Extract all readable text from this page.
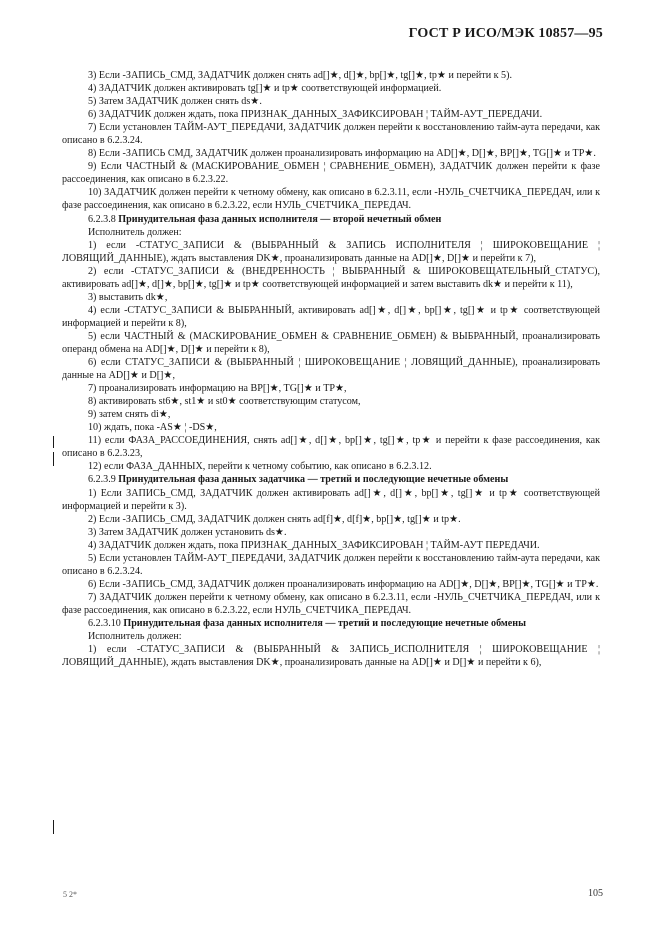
ГОСТ Р ИСО/МЭК 10857—95

3) Если -ЗАПИСЬ_СМД, ЗАДАТЧИК должен снять ad[]★, d[]★, bp[]★, tg[]★, tp★ и перейти к 5).

4) ЗАДАТЧИК должен активировать tg[]★ и tp★ соответствующей информацией.

5) Затем ЗАДАТЧИК должен снять ds★.

6) ЗАДАТЧИК должен ждать, пока ПРИЗНАК_ДАННЫХ_ЗАФИКСИРОВАН ¦ ТАЙМ-АУТ_ПЕРЕДАЧИ.

7) Если установлен ТАЙМ-АУТ_ПЕРЕДАЧИ, ЗАДАТЧИК должен перейти к восстановлению тайм-аута передачи, как описано в 6.2.3.24.

8) Если -ЗАПИСЬ СМД, ЗАДАТЧИК должен проанализировать информацию на AD[]★, D[]★, BP[]★, TG[]★ и TP★.

9) Если ЧАСТНЫЙ & (МАСКИРОВАНИЕ_ОБМЕН ¦ СРАВНЕНИЕ_ОБМЕН), ЗАДАТЧИК должен перейти к фазе рассоединения, как описано в 6.2.3.22.

10) ЗАДАТЧИК должен перейти к четному обмену, как описано в 6.2.3.11, если -НУЛЬ_СЧЕТЧИКА_ПЕРЕДАЧ, или к фазе рассоединения, как описано в 6.2.3.22, если НУЛЬ_СЧЕТЧИКА_ПЕРЕДАЧ.

6.2.3.8 Принудительная фаза данных исполнителя — второй нечетный обмен

Исполнитель должен:

1) если -СТАТУС_ЗАПИСИ & (ВЫБРАННЫЙ & ЗАПИСЬ ИСПОЛНИТЕЛЯ ¦ ШИРОКОВЕЩАНИЕ ¦ ЛОВЯЩИЙ_ДАННЫЕ), ждать выставления DK★, проанализировать данные на AD[]★, D[]★ и перейти к 7),

2) если -СТАТУС_ЗАПИСИ & (ВНЕДРЕННОСТЬ ¦ ВЫБРАННЫЙ & ШИРОКОВЕЩАТЕЛЬНЫЙ_СТАТУС), активировать ad[]★, d[]★, bp[]★, tg[]★ и tp★ соответствующей информацией и затем выставить dk★ и перейти к 11),

3) выставить dk★,

4) если -СТАТУС_ЗАПИСИ & ВЫБРАННЫЙ, активировать ad[]★, d[]★, bp[]★, tg[]★ и tp★ соответствующей информацией и перейти к 8),

5) если ЧАСТНЫЙ & (МАСКИРОВАНИЕ_ОБМЕН & СРАВНЕНИЕ_ОБМЕН) & ВЫБРАННЫЙ, проанализировать операнд обмена на AD[]★, D[]★ и перейти к 8),

6) если СТАТУС_ЗАПИСИ & (ВЫБРАННЫЙ ¦ ШИРОКОВЕЩАНИЕ ¦ ЛОВЯЩИЙ_ДАННЫЕ), проанализировать данные на AD[]★ и D[]★,

7) проанализировать информацию на BP[]★, TG[]★ и TP★,

8) активировать st6★, st1★ и st0★ соответствующим статусом,

9) затем снять di★,

10) ждать, пока -AS★ ¦ -DS★,

11) если ФАЗА_РАССОЕДИНЕНИЯ, снять ad[]★, d[]★, bp[]★, tg[]★, tp★ и перейти к фазе рассоединения, как описано в 6.2.3.23,

12) если ФАЗА_ДАННЫХ, перейти к четному событию, как описано в 6.2.3.12.

6.2.3.9 Принудительная фаза данных задатчика — третий и последующие нечетные обмены

1) Если ЗАПИСЬ_СМД, ЗАДАТЧИК должен активировать ad[]★, d[]★, bp[]★, tg[]★ и tp★ соответствующей информацией и перейти к 3).

2) Если -ЗАПИСЬ_СМД, ЗАДАТЧИК должен снять ad[f]★, d[f]★, bp[]★, tg[]★ и tp★.

3) Затем ЗАДАТЧИК должен установить ds★.

4) ЗАДАТЧИК должен ждать, пока ПРИЗНАК_ДАННЫХ_ЗАФИКСИРОВАН ¦ ТАЙМ-АУТ ПЕРЕДАЧИ.

5) Если установлен ТАЙМ-АУТ_ПЕРЕДАЧИ, ЗАДАТЧИК должен перейти к восстановлению тайм-аута передачи, как описано в 6.2.3.24.

6) Если -ЗАПИСЬ_СМД, ЗАДАТЧИК должен проанализировать информацию на AD[]★, D[]★, BP[]★, TG[]★ и TP★.

7) ЗАДАТЧИК должен перейти к четному обмену, как описано в 6.2.3.11, если -НУЛЬ_СЧЕТЧИКА_ПЕРЕДАЧ, или к фазе рассоединения, как описано в 6.2.3.22, если НУЛЬ_СЧЕТЧИКА_ПЕРЕДАЧ.

6.2.3.10 Принудительная фаза данных исполнителя — третий и последующие нечетные обмены

Исполнитель должен:

1) если -СТАТУС_ЗАПИСИ & (ВЫБРАННЫЙ & ЗАПИСЬ_ИСПОЛНИТЕЛЯ ¦ ШИРОКОВЕЩАНИЕ ¦ ЛОВЯЩИЙ_ДАННЫЕ), ждать выставления DK★, проанализировать данные на AD[]★ и D[]★ и перейти к 6),

5 2*	105
